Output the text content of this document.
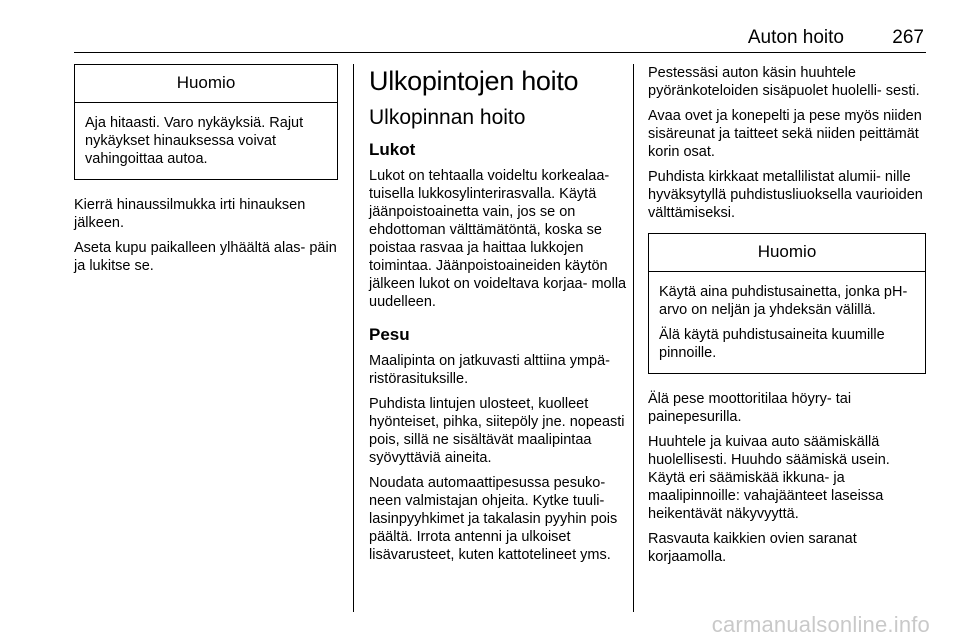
Auton hoito	267
Huomio

Aja hitaasti. Varo nykäyksiä. Rajut nykäykset hinauksessa voivat vahingoittaa autoa.

Kierrä hinaussilmukka irti hinauksen jälkeen.

Aseta kupu paikalleen ylhäältä alas- päin ja lukitse se.

Ulkopintojen hoito
Ulkopinnan hoito
Lukot

Lukot on tehtaalla voideltu korkealaa- tuisella lukkosylinterirasvalla. Käytä jäänpoistoainetta vain, jos se on ehdottoman välttämätöntä, koska se poistaa rasvaa ja haittaa lukkojen toimintaa. Jäänpoistoaineiden käytön jälkeen lukot on voideltava korjaa- molla uudelleen.

Pesu

Maalipinta on jatkuvasti alttiina ympä- ristörasituksille.

Puhdista lintujen ulosteet, kuolleet hyönteiset, pihka, siitepöly jne. nopeasti pois, sillä ne sisältävät maalipintaa syövyttäviä aineita.

Noudata automaattipesussa pesuko- neen valmistajan ohjeita. Kytke tuuli- lasinpyyhkimet ja takalasin pyyhin pois päältä. Irrota antenni ja ulkoiset lisävarusteet, kuten kattotelineet yms.

Pestessäsi auton käsin huuhtele pyöränkoteloiden sisäpuolet huolelli- sesti.

Avaa ovet ja konepelti ja pese myös niiden sisäreunat ja taitteet sekä niiden peittämät korin osat.

Puhdista kirkkaat metallilistat alumii- nille hyväksytyllä puhdistusliuoksella vaurioiden välttämiseksi.

Huomio

Käytä aina puhdistusainetta, jonka pH-arvo on neljän ja yhdeksän välillä.

Älä käytä puhdistusaineita kuumille pinnoille.

Älä pese moottoritilaa höyry- tai painepesurilla.

Huuhtele ja kuivaa auto säämiskällä huolellisesti. Huuhdo säämiskä usein. Käytä eri säämiskää ikkuna- ja maalipinnoille: vahajäänteet laseissa heikentävät näkyvyyttä.

Rasvauta kaikkien ovien saranat korjaamolla.

carmanualsonline.info
